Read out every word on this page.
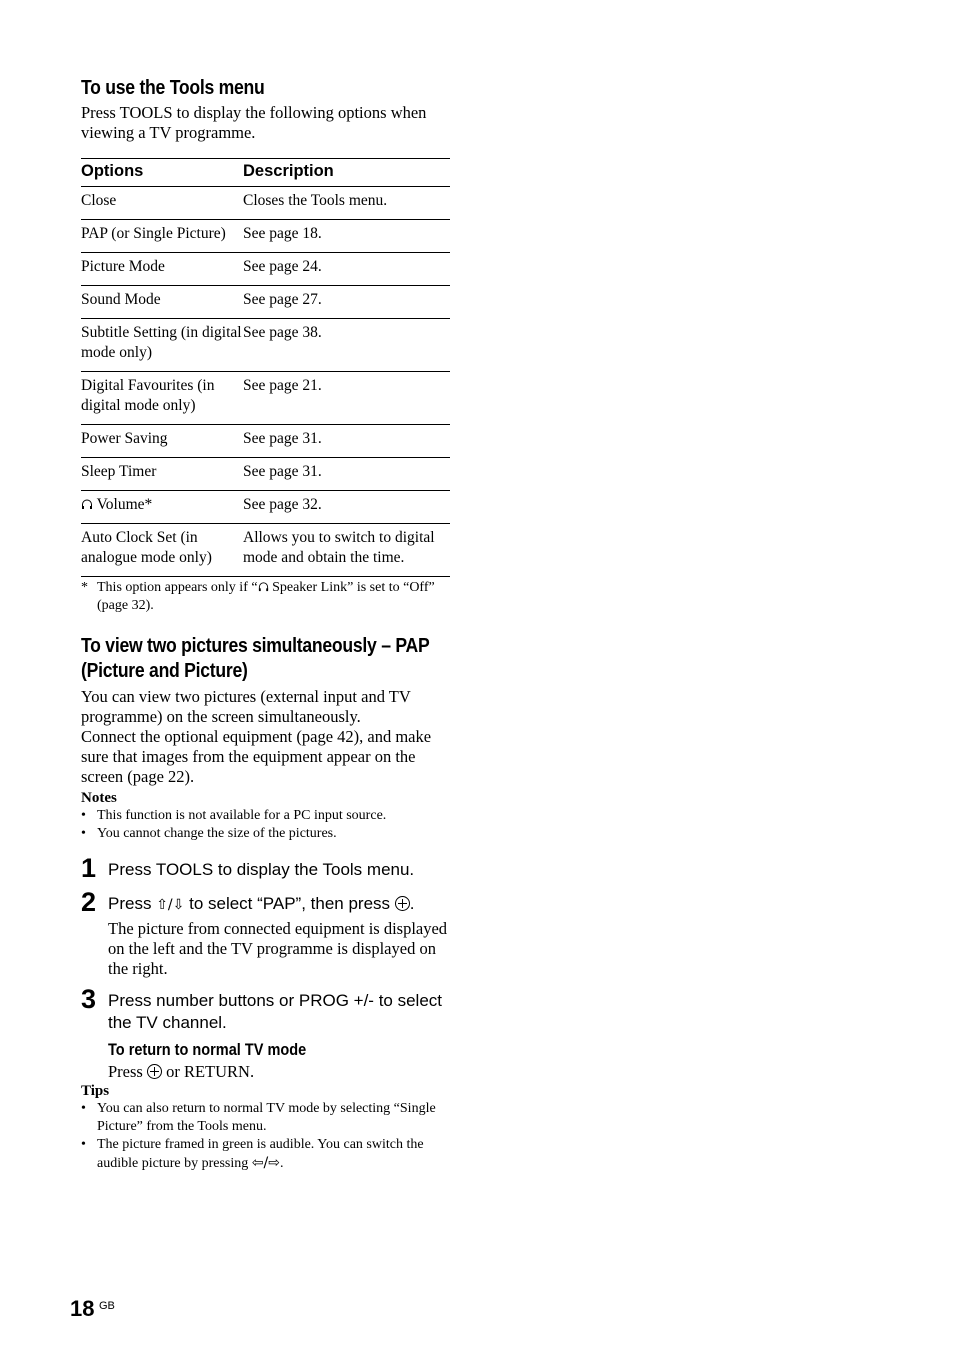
To use the Tools menu

Press TOOLS to display the following options when viewing a TV programme.

Options	Description
Close	Closes the Tools menu.
PAP (or Single Picture)	See page 18.
Picture Mode	See page 24.
Sound Mode	See page 27.
Subtitle Setting (in digital mode only)	See page 38.
Digital Favourites (in digital mode only)	See page 21.
Power Saving	See page 31.
Sleep Timer	See page 31.
Volume*	See page 32.
Auto Clock Set (in analogue mode only)	Allows you to switch to digital mode and obtain the time.
* This option appears only if “ Speaker Link” is set to “Off” (page 32).
To view two pictures simultaneously – PAP
(Picture and Picture)

You can view two pictures (external input and TV programme) on the screen simultaneously.

Connect the optional equipment (page 42), and make sure that images from the equipment appear on the screen (page 22).

Notes

• This function is not available for a PC input source.
• You cannot change the size of the pictures.
1 Press TOOLS to display the Tools menu.
2 Press ⇧/⇩ to select “PAP”, then press .
The picture from connected equipment is displayed on the left and the TV programme is displayed on the right.
3 Press number buttons or PROG +/- to select the TV channel.
To return to normal TV mode
Press  or RETURN.

Tips

• You can also return to normal TV mode by selecting “Single Picture” from the Tools menu.
• The picture framed in green is audible. You can switch the audible picture by pressing ⇦/⇨.
18 GB
